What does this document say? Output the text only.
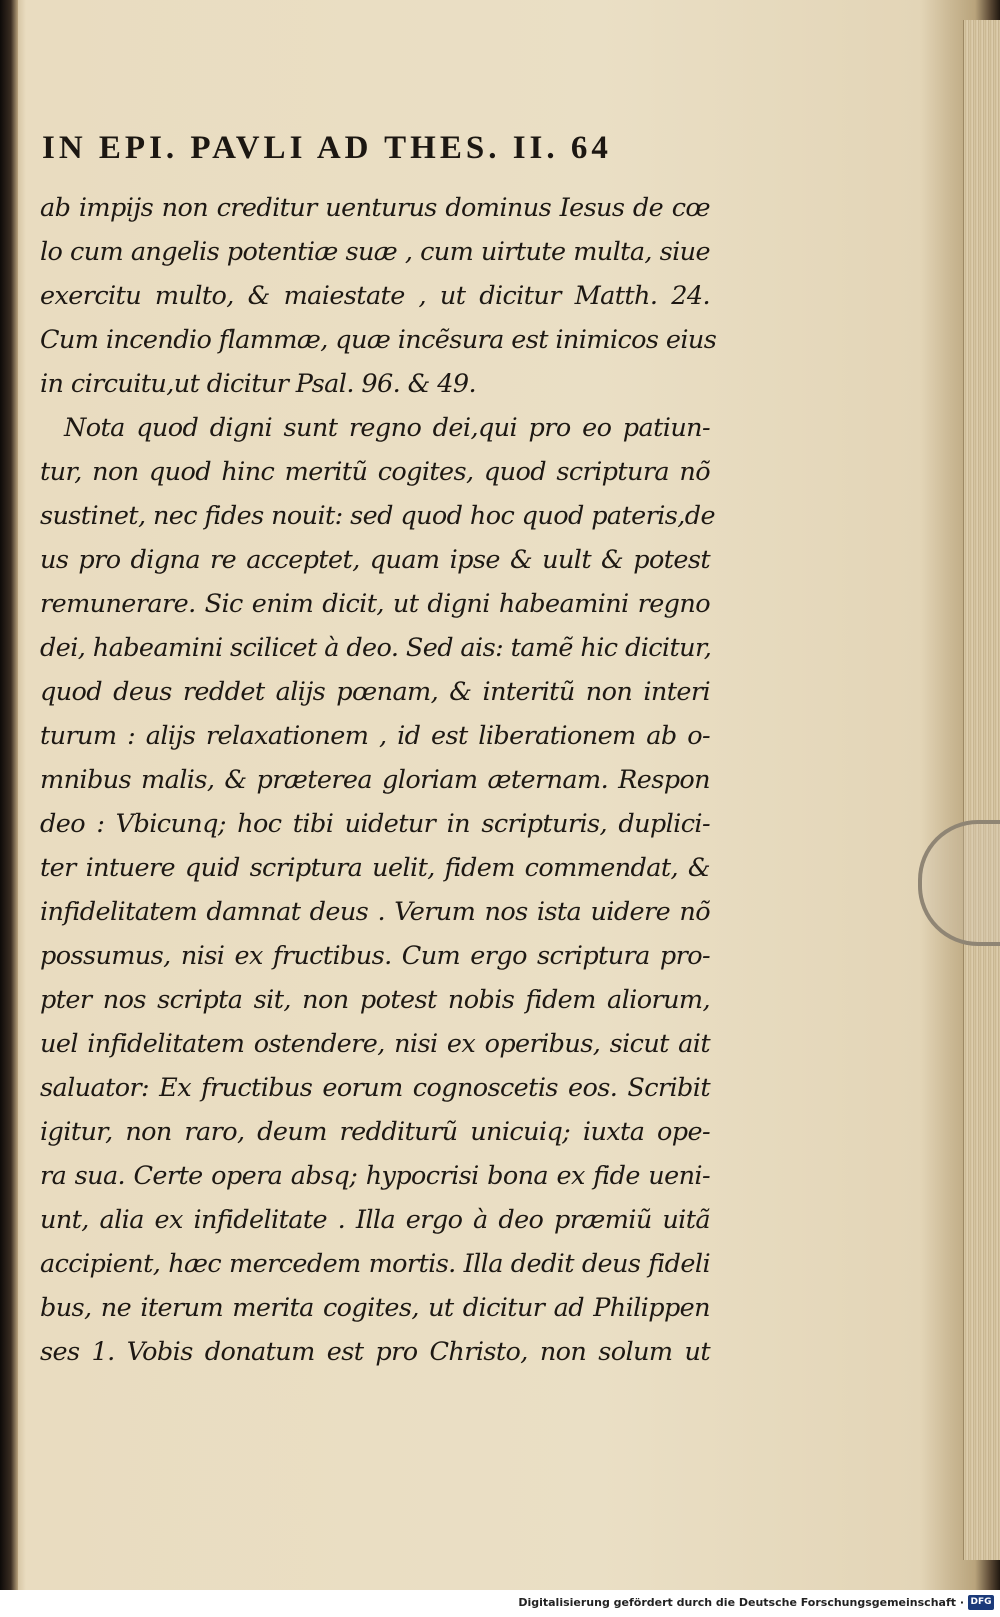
IN EPI. PAVLI AD THES. II. 64
ab impijs non creditur uenturus dominus Iesus de cœ
lo cum angelis potentiæ suæ , cum uirtute multa, siue
exercitu multo, & maiestate , ut dicitur Matth. 24.
Cum incendio flammæ, quæ incẽsura est inimicos eius
in circuitu,ut dicitur Psal. 96. & 49.
Nota quod digni sunt regno dei,qui pro eo patiun-
tur, non quod hinc meritũ cogites, quod scriptura nõ
sustinet, nec fides nouit: sed quod hoc quod pateris,de
us pro digna re acceptet, quam ipse & uult & potest
remunerare. Sic enim dicit, ut digni habeamini regno
dei, habeamini scilicet à deo. Sed ais: tamẽ hic dicitur,
quod deus reddet alijs pœnam, & interitũ non interi
turum : alijs relaxationem , id est liberationem ab o-
mnibus malis, & præterea gloriam æternam. Respon
deo : Vbicunq; hoc tibi uidetur in scripturis, duplici-
ter intuere quid scriptura uelit, fidem commendat, &
infidelitatem damnat deus . Verum nos ista uidere nõ
possumus, nisi ex fructibus. Cum ergo scriptura pro-
pter nos scripta sit, non potest nobis fidem aliorum,
uel infidelitatem ostendere, nisi ex operibus, sicut ait
saluator: Ex fructibus eorum cognoscetis eos. Scribit
igitur, non raro, deum redditurũ unicuiq; iuxta ope-
ra sua. Certe opera absq; hypocrisi bona ex fide ueni-
unt, alia ex infidelitate . Illa ergo à deo præmiũ uitã
accipient, hæc mercedem mortis. Illa dedit deus fideli
bus, ne iterum merita cogites, ut dicitur ad Philippen
ses 1. Vobis donatum est pro Christo, non solum ut
Digitalisierung gefördert durch die Deutsche Forschungsgemeinschaft · DFG
